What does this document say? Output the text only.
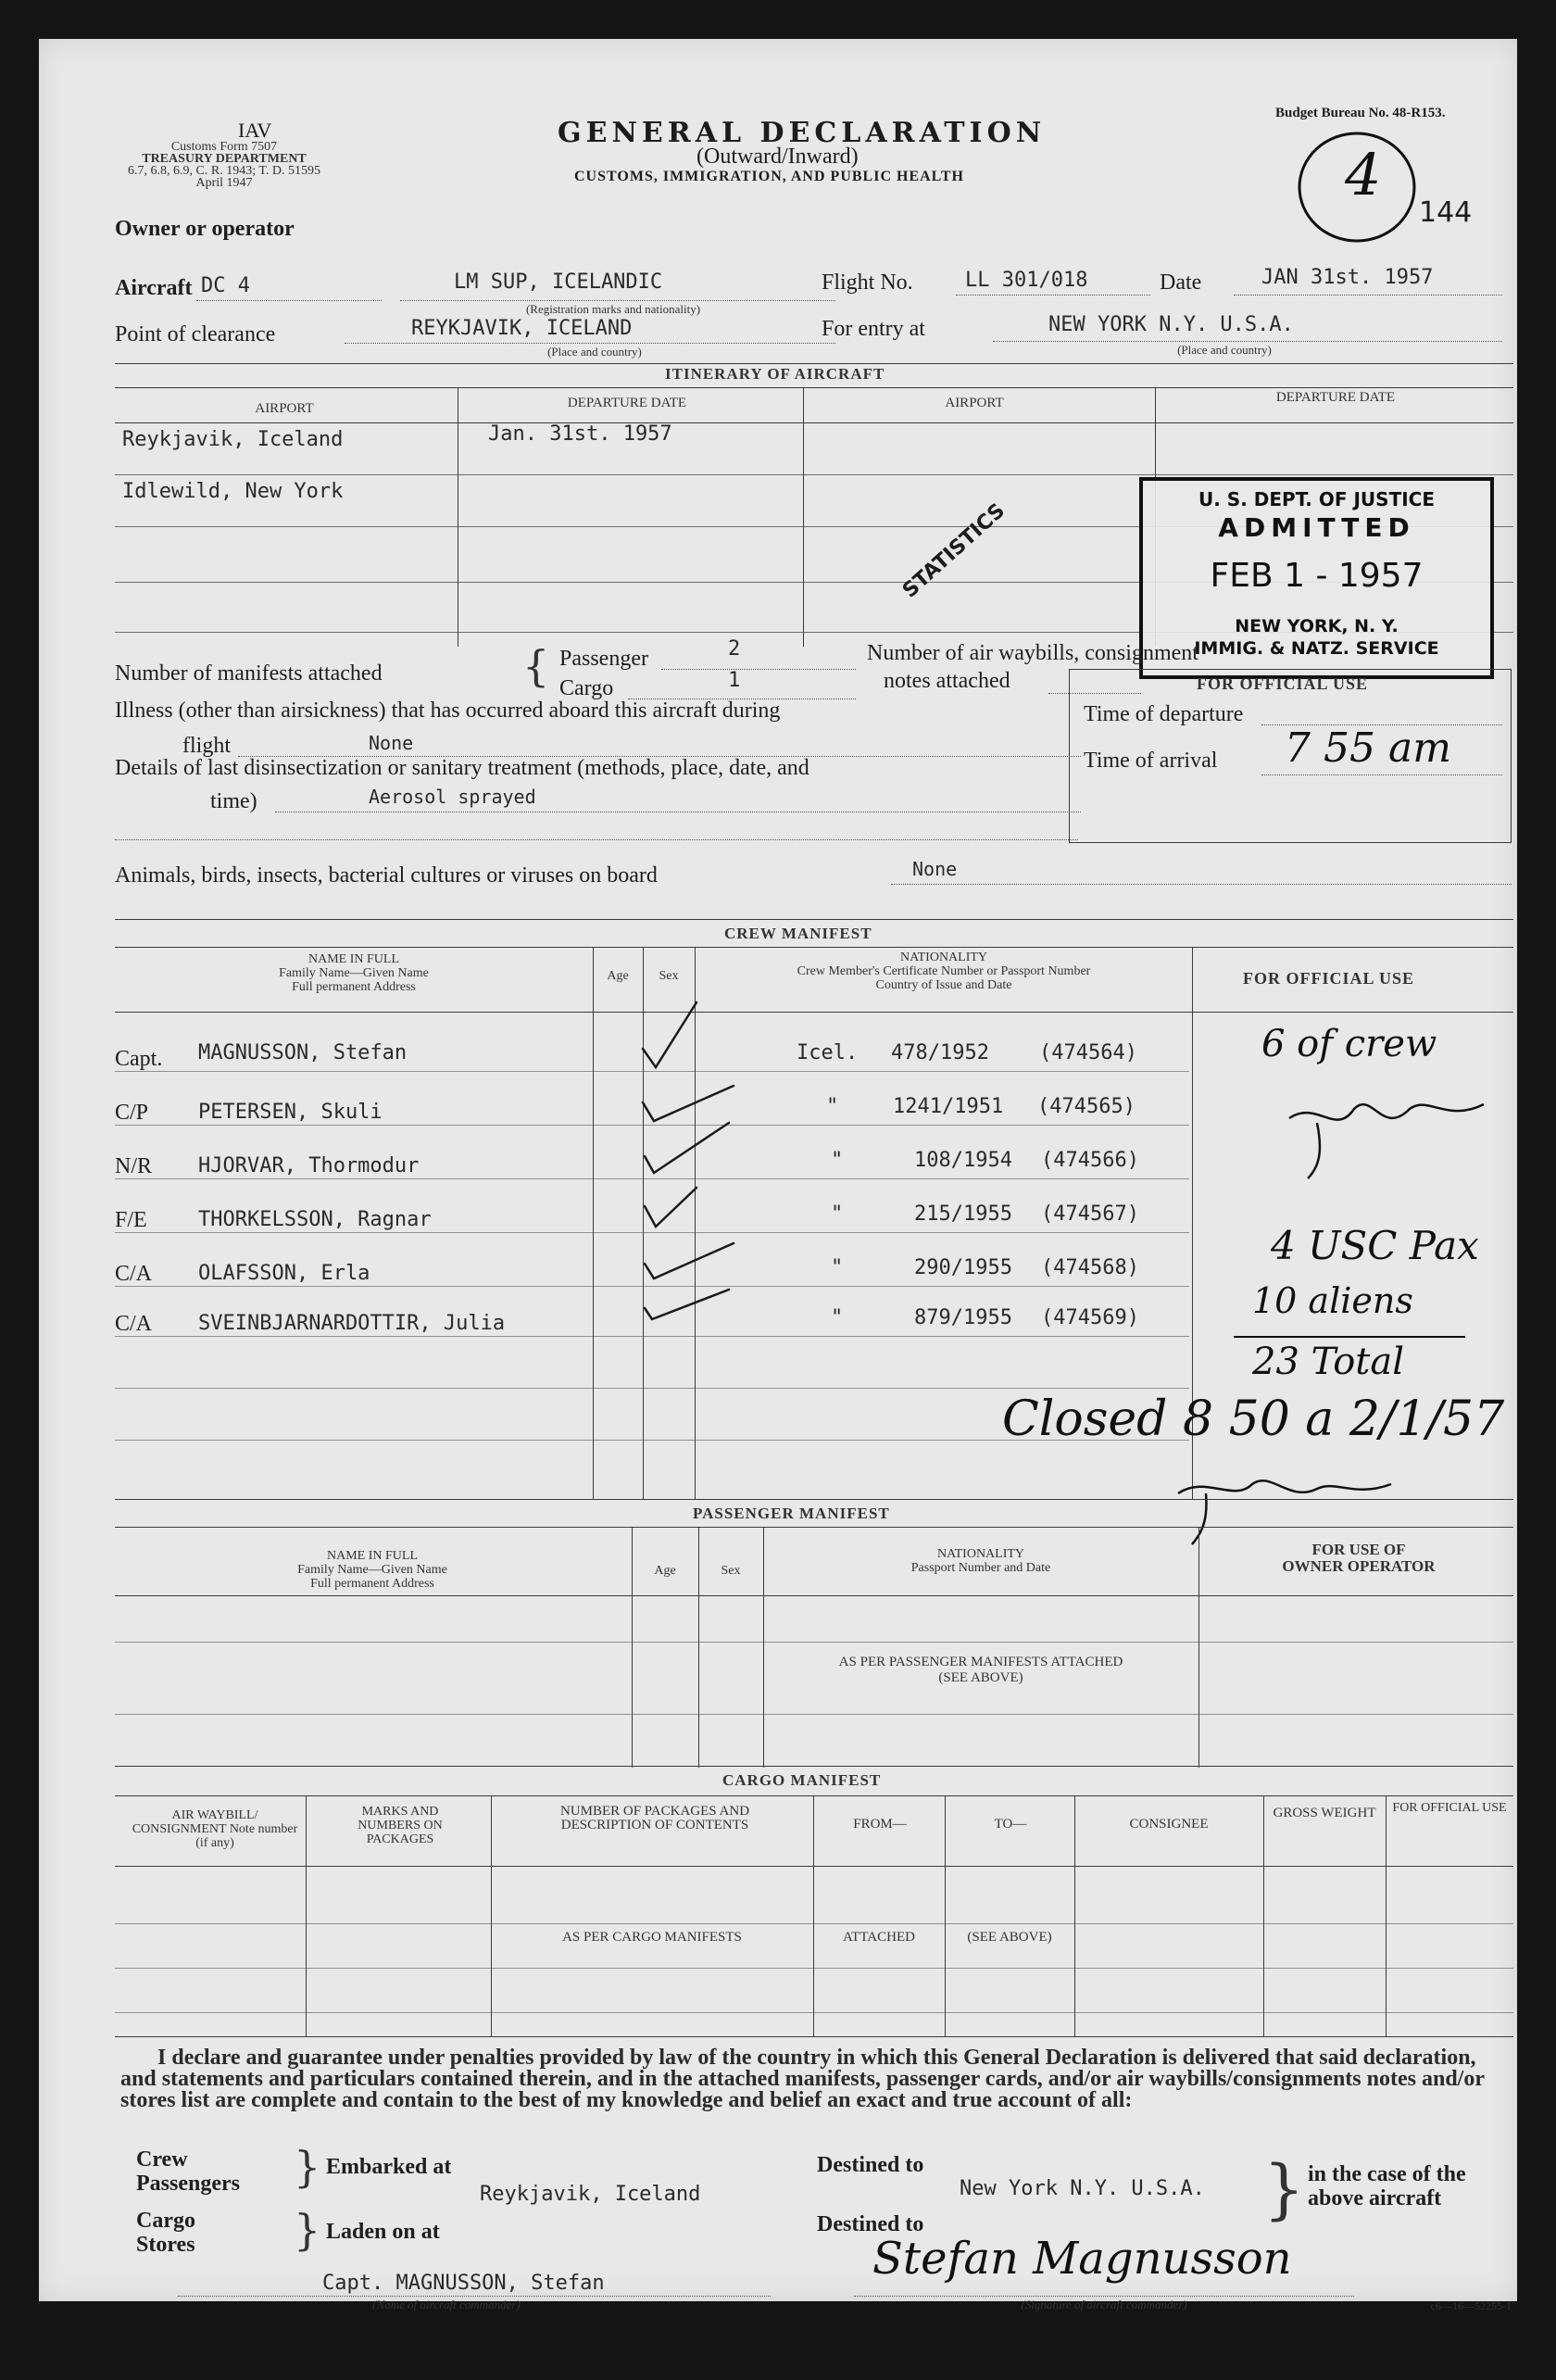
IAV
Customs Form 7507
TREASURY DEPARTMENT
6.7, 6.8, 6.9, C. R. 1943; T. D. 51595
April 1947
GENERAL DECLARATION
(Outward/Inward)
CUSTOMS, IMMIGRATION, AND PUBLIC HEALTH
Budget Bureau No. 48-R153.
4
144
Owner or operator
Aircraft DC 4	LM SUP, ICELANDIC
(Registration marks and nationality)
Flight No.	LL 301/018	Date	JAN 31st. 1957
Point of clearance	REYKJAVIK, ICELAND
(Place and country)
For entry at	NEW YORK N.Y. U.S.A.
(Place and country)
ITINERARY OF AIRCRAFT
AIRPORT	DEPARTURE DATE	AIRPORT	DEPARTURE DATE
Reykjavik, Iceland	Jan. 31st. 1957
Idlewild, New York
STATISTICS	U. S. DEPT. OF JUSTICE
ADMITTED
FEB 1 - 1957
NEW YORK, N. Y.
IMMIG. & NATZ. SERVICE
Number of manifests attached	{ Passenger	2
Cargo	1
Number of air waybills, consignment
notes attached
Illness (other than airsickness) that has occurred aboard this aircraft during
flight	None
Details of last disinsectization or sanitary treatment (methods, place, date, and
time)	Aerosol sprayed
FOR OFFICIAL USE
Time of departure
Time of arrival 7 55 am
Animals, birds, insects, bacterial cultures or viruses on board	None
CREW MANIFEST
NAME IN FULL
Family Name—Given Name
Full permanent Address
Age	Sex
NATIONALITY
Crew Member's Certificate Number or Passport Number
Country of Issue and Date	FOR OFFICIAL USE
Capt. MAGNUSSON, Stefan	Icel. 478/1952 (474564)
C/P PETERSEN, Skuli	"	1241/1951 (474565)
N/R HJORVAR, Thormodur	"	108/1954 (474566)
F/E	THORKELSSON, Ragnar	"	215/1955 (474567)
C/A OLAFSSON, Erla	"	290/1955 (474568)
C/A SVEINBJARNARDOTTIR, Julia	"	879/1955 (474569)
6 of crew
4 USC Pax
10 aliens
23 Total
Closed 8 50 a 2/1/57
PASSENGER MANIFEST
NAME IN FULL
Family Name—Given Name
Full permanent Address
Age	Sex
NATIONALITY
Passport Number and Date
FOR USE OF OWNER OPERATOR
AS PER PASSENGER MANIFESTS ATTACHED
(SEE ABOVE)
CARGO MANIFEST
AIR WAYBILL/ CONSIGNMENT Note number (if any)
MARKS AND NUMBERS ON PACKAGES
NUMBER OF PACKAGES AND DESCRIPTION OF CONTENTS	FROM—	TO—	CONSIGNEE
GROSS WEIGHT	FOR OFFICIAL USE
AS PER CARGO MANIFESTS	ATTACHED	(SEE ABOVE)
I declare and guarantee under penalties provided by law of the country in which this General Declaration is delivered that said declaration, and statements and particulars contained therein, and in the attached manifests, passenger cards, and/or air waybills/consignments notes and/or stores list are complete and contain to the best of my knowledge and belief an exact and true account of all:
Crew
Passengers } Embarked at
Reykjavik, Iceland
Cargo
Stores } Laden on at
Destined to
New York N.Y. U.S.A.
Destined to	} in the case of the
above aircraft
Capt. MAGNUSSON, Stefan
(Name of aircraft commander)
Stefan Magnusson
(Signature of aircraft commander)	c6—16—52255-1
